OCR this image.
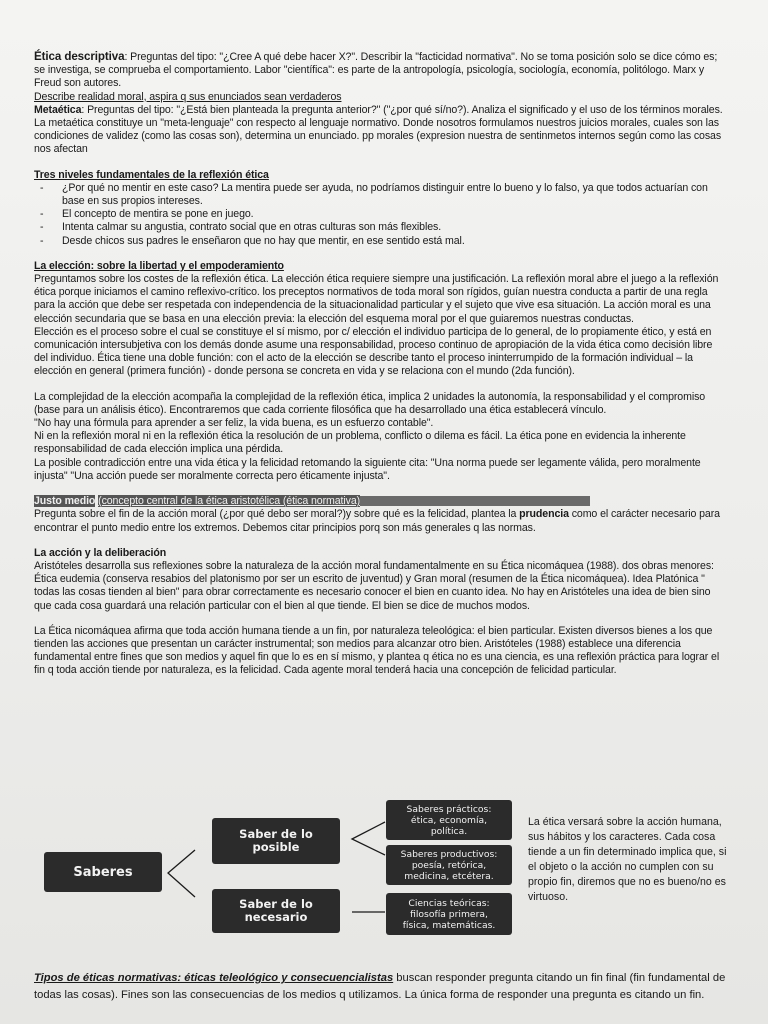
Ética descriptiva: Preguntas del tipo: "¿Cree A qué debe hacer X?". Describir la "facticidad normativa". No se toma posición solo se dice cómo es; se investiga, se comprueba el comportamiento. Labor "científica": es parte de la antropología, psicología, sociología, economía, politólogo. Marx y Freud son autores.

Describe realidad moral, aspira q sus enunciados sean verdaderos

Metaética: Preguntas del tipo: "¿Está bien planteada la pregunta anterior?" ("¿por qué sí/no?). Analiza el significado y el uso de los términos morales. La metaética constituye un "meta-lenguaje" con respecto al lenguaje normativo. Donde nosotros formulamos nuestros juicios morales, cuales son las condiciones de validez (como las cosas son), determina un enunciado. pp morales (expresion nuestra de sentinmetos internos según como las cosas nos afectan

Tres niveles fundamentales de la reflexión ética

- ¿Por qué no mentir en este caso? La mentira puede ser ayuda, no podríamos distinguir entre lo bueno y lo falso, ya que todos actuarían con base en sus propios intereses.
- El concepto de mentira se pone en juego.
- Intenta calmar su angustia, contrato social que en otras culturas son más flexibles.
- Desde chicos sus padres le enseñaron que no hay que mentir, en ese sentido está mal.

La elección: sobre la libertad y el empoderamiento

Preguntamos sobre los costes de la reflexión ética. La elección ética requiere siempre una justificación. La reflexión moral abre el juego a la reflexión ética porque iniciamos el camino reflexivo-crítico. los preceptos normativos de toda moral son rígidos, guían nuestra conducta a partir de una regla para la acción que debe ser respetada con independencia de la situacionalidad particular y el sujeto que vive esa situación. La acción moral es una elección secundaria que se basa en una elección previa: la elección del esquema moral por el que guiaremos nuestras conductas.

Elección es el proceso sobre el cual se constituye el sí mismo, por c/ elección el individuo participa de lo general, de lo propiamente ético, y está en comunicación intersubjetiva con los demás donde asume una responsabilidad, proceso continuo de apropiación de la vida ética como decisión libre del individuo. Ética tiene una doble función: con el acto de la elección se describe tanto el proceso ininterrumpido de la formación individual – la elección en general (primera función) - donde persona se concreta en vida y se relaciona con el mundo (2da función).

La complejidad de la elección acompaña la complejidad de la reflexión ética, implica 2 unidades la autonomía, la responsabilidad y el compromiso (base para un análisis ético). Encontraremos que cada corriente filosófica que ha desarrollado una ética establecerá vínculo.

"No hay una fórmula para aprender a ser feliz, la vida buena, es un esfuerzo contable".

Ni en la reflexión moral ni en la reflexión ética la resolución de un problema, conflicto o dilema es fácil. La ética pone en evidencia la inherente responsabilidad de cada elección implica una pérdida.

La posible contradicción entre una vida ética y la felicidad retomando la siguiente cita: "Una norma puede ser legamente válida, pero moralmente injusta" "Una acción puede ser moralmente correcta pero éticamente injusta".

Justo medio (concepto central de la ética aristotélica (ética normativa)

Pregunta sobre el fin de la acción moral (¿por qué debo ser moral?)y sobre qué es la felicidad, plantea la prudencia como el carácter necesario para encontrar el punto medio entre los extremos. Debemos citar principios porq son más generales q las normas.

La acción y la deliberación

Aristóteles desarrolla sus reflexiones sobre la naturaleza de la acción moral fundamentalmente en su Ética nicomáquea (1988). dos obras menores: Ética eudemia (conserva resabios del platonismo por ser un escrito de juventud) y Gran moral (resumen de la Ética nicomáquea). Idea Platónica " todas las cosas tienden al bien" para obrar correctamente es necesario conocer el bien en cuanto idea. No hay en Aristóteles una idea de bien sino que cada cosa guardará una relación particular con el bien al que tiende. El bien se dice de muchos modos.

La Ética nicomáquea afirma que toda acción humana tiende a un fin, por naturaleza teleológica: el bien particular. Existen diversos bienes a los que tienden las acciones que presentan un carácter instrumental; son medios para alcanzar otro bien. Aristóteles (1988) establece una diferencia fundamental entre fines que son medios y aquel fin que lo es en sí mismo, y plantea q ética no es una ciencia, es una reflexión práctica para lograr el fin q toda acción tiende por naturaleza, es la felicidad. Cada agente moral tenderá hacia una concepción de felicidad particular.

Saberes
Saber de lo
posible
Saber de lo
necesario
Saberes prácticos:
ética, economía,
política.
Saberes productivos:
poesía, retórica,
medicina, etcétera.
Ciencias teóricas:
filosofía primera,
física, matemáticas.
La ética versará sobre la acción humana, sus hábitos y los caracteres. Cada cosa tiende a un fin determinado implica que, si el objeto o la acción no cumplen con su propio fin, diremos que no es bueno/no es virtuoso.
Tipos de éticas normativas: éticas teleológico y consecuencialistas buscan responder pregunta citando un fin final (fin fundamental de todas las cosas). Fines son las consecuencias de los medios q utilizamos. La única forma de responder una pregunta es citando un fin.
